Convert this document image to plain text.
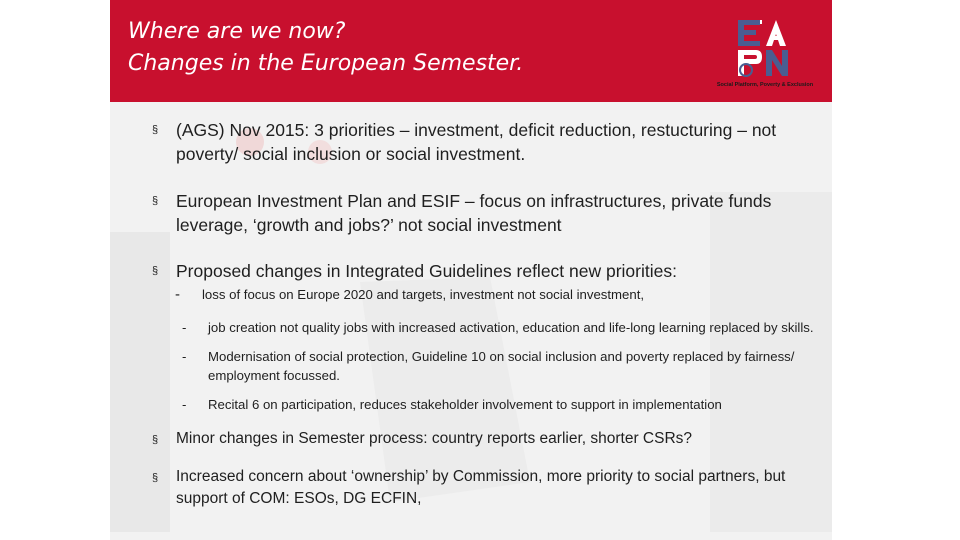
Where are we now?
Changes in the European Semester.
Social Platform, Poverty & Exclusion
§ (AGS) Nov 2015: 3 priorities – investment, deficit reduction, restucturing – not poverty/ social inclusion or social investment.
§ European Investment Plan and ESIF – focus on infrastructures, private funds leverage, ‘growth and jobs?’ not social investment
§ Proposed changes in Integrated Guidelines reflect new priorities:
- loss of focus on Europe 2020 and targets, investment not social investment,
- job creation not quality jobs with increased activation, education and life-long learning replaced by skills.
- Modernisation of social protection, Guideline 10 on social inclusion and poverty replaced by fairness/ employment focussed.
- Recital 6 on participation, reduces stakeholder involvement to support in implementation
§ Minor changes in Semester process: country reports earlier, shorter CSRs?
§ Increased concern about ‘ownership’ by Commission, more priority to social partners, but support of COM: ESOs, DG ECFIN,
